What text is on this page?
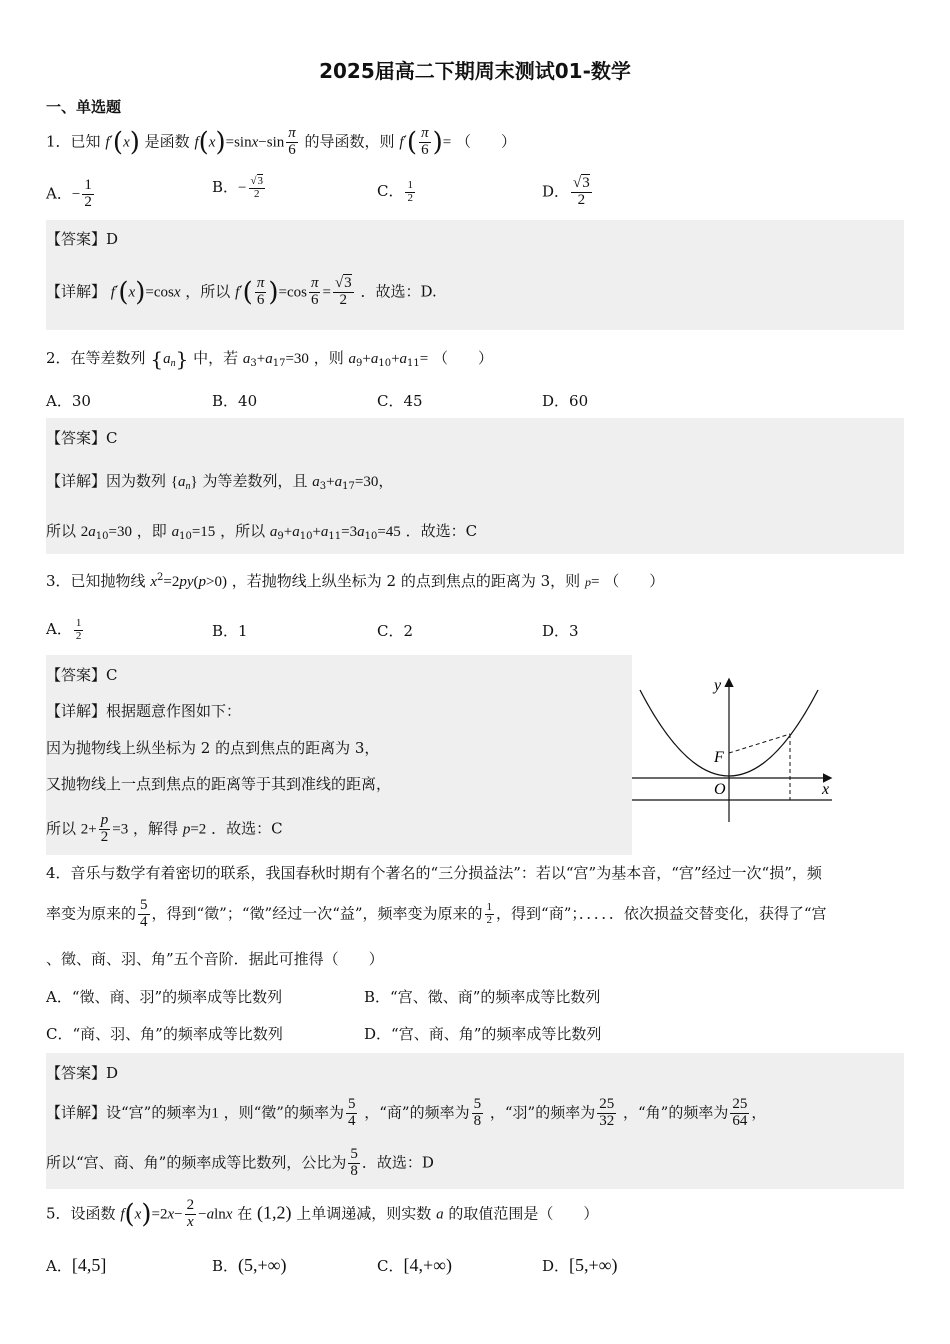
2025届高二下期周末测试01-数学
一、单选题
1．已知 f′(x) 是函数 $f(x)=\sin x-\sin \frac{\pi}{6}$ 的导函数，则 $f'( \frac{\pi}{6}$ )= （　　）
A．− $\frac{1}{2}$	B．− $\frac{√3}{2}$	C． $\frac{1}{2}$	D． $\frac{√3}{2}$
【答案】D
【详解】 f′(x)=cosx ，所以 $f'( \frac{\pi}{6} )=\cos \frac{\pi}{6} = \frac{√3}{2}$ ．故选：D.
2．在等差数列 $\{a_n\}$ 中，若 $a_3+a_{17}=30$ ，则 $a_9+a_{10}+a_{11}=$ （　　）
A．30	B．40	C．45	D．60
【答案】C
【详解】因为数列 $\{a_n\}$ 为等差数列，且 $a_3+a_{17}=30$，
所以 $2a_{10}=30$ ，即 $a_{10}=15$ ，所以 $a_9+a_{10}+a_{11}=3a_{10}=45$ ．故选：C
3．已知抛物线 $x^2=2py(p>0)$ ，若抛物线上纵坐标为 2 的点到焦点的距离为 3，则 p= （　　）
A． $\frac{1}{2}$	B．1	C．2	D．3
【答案】C
【详解】根据题意作图如下：
因为抛物线上纵坐标为 2 的点到焦点的距离为 3，
又抛物线上一点到焦点的距离等于其到准线的距离，
所以 $2+ \frac{p}{2} =3$ ，解得 p=2 ．故选：C
y
x
F
O
4．音乐与数学有着密切的联系，我国春秋时期有个著名的“三分损益法”：若以“宫”为基本音，“宫”经过一次“损”，频
率变为原来的 $\frac{5}{4}$ ，得到“徵”；“徵”经过一次“益”，频率变为原来的 $\frac{1}{2}$ ，得到“商”；．．．．．依次损益交替变化，获得了“宫
、徵、商、羽、角”五个音阶．据此可推得（　　）
A．“徵、商、羽”的频率成等比数列	B．“宫、徵、商”的频率成等比数列
C．“商、羽、角”的频率成等比数列	D．“宫、商、角”的频率成等比数列
【答案】D
【详解】设“宫”的频率为1 ，则“徵”的频率为 $\frac{5}{4}$ ，“商”的频率为 $\frac{5}{8}$ ，“羽”的频率为 $\frac{25}{32}$ ，“角”的频率为 $\frac{25}{64}$ ，
所以“宫、商、角”的频率成等比数列，公比为 $\frac{5}{8}$ ．故选：D
5．设函数 $f(x)=2x- \frac{2}{x} -alnx$ 在 (1,2) 上单调递减，则实数 a 的取值范围是（　　）
A．[4,5]	B．(5,+∞)	C．[4,+∞)	D．[5,+∞)
